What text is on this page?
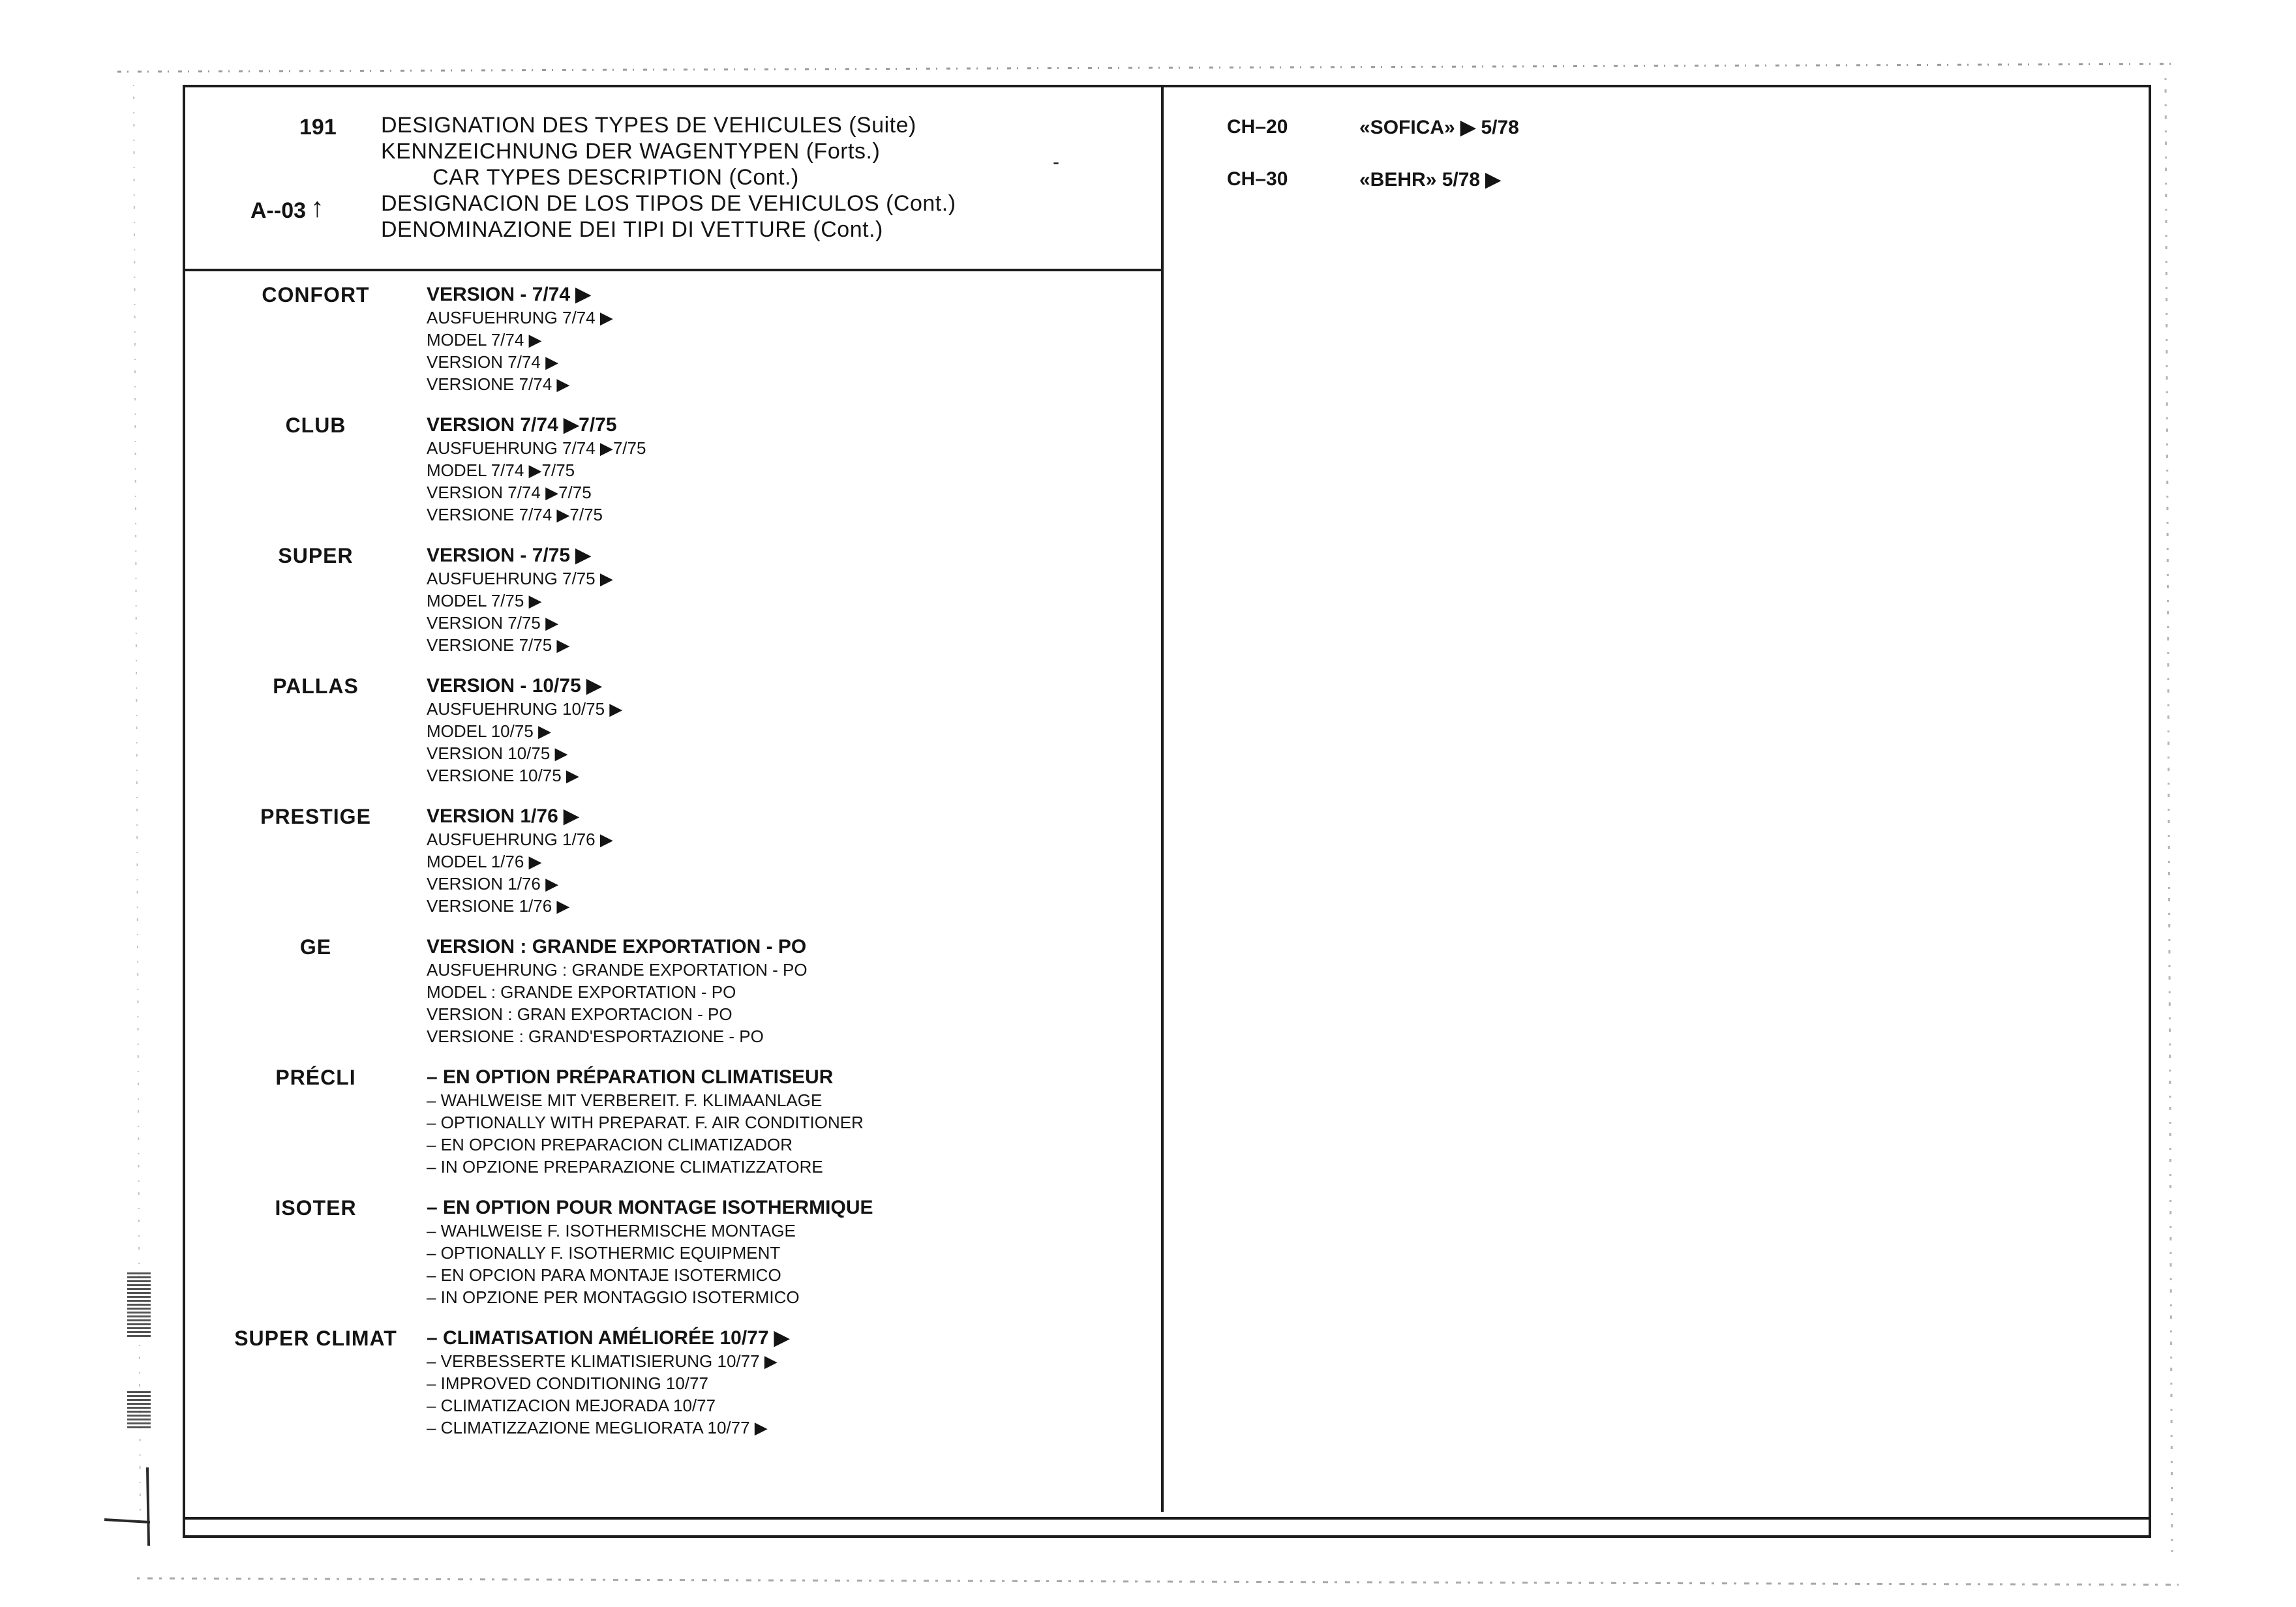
191
A--03 ↑
DESIGNATION DES TYPES DE VEHICULES (Suite)
KENNZEICHNUNG DER WAGENTYPEN (Forts.)
CAR TYPES DESCRIPTION (Cont.)
DESIGNACION DE LOS TIPOS DE VEHICULOS (Cont.)
DENOMINAZIONE DEI TIPI DI VETTURE (Cont.)
-
CONFORT	VERSION - 7/74 ▶
AUSFUEHRUNG 7/74 ▶
MODEL 7/74 ▶
VERSION 7/74 ▶
VERSIONE 7/74 ▶
CLUB	VERSION 7/74 ▶7/75
AUSFUEHRUNG 7/74 ▶7/75
MODEL 7/74 ▶7/75
VERSION 7/74 ▶7/75
VERSIONE 7/74 ▶7/75
SUPER	VERSION - 7/75 ▶
AUSFUEHRUNG 7/75 ▶
MODEL 7/75 ▶
VERSION 7/75 ▶
VERSIONE 7/75 ▶
PALLAS	VERSION - 10/75 ▶
AUSFUEHRUNG 10/75 ▶
MODEL 10/75 ▶
VERSION 10/75 ▶
VERSIONE 10/75 ▶
PRESTIGE	VERSION 1/76 ▶
AUSFUEHRUNG 1/76 ▶
MODEL 1/76 ▶
VERSION 1/76 ▶
VERSIONE 1/76 ▶
GE	VERSION : GRANDE EXPORTATION - PO
AUSFUEHRUNG : GRANDE EXPORTATION - PO
MODEL : GRANDE EXPORTATION - PO
VERSION : GRAN EXPORTACION - PO
VERSIONE : GRAND'ESPORTAZIONE - PO
PRÉCLI	– EN OPTION PRÉPARATION CLIMATISEUR
– WAHLWEISE MIT VERBEREIT. F. KLIMAANLAGE
– OPTIONALLY WITH PREPARAT. F. AIR CONDITIONER
– EN OPCION PREPARACION CLIMATIZADOR
– IN OPZIONE PREPARAZIONE CLIMATIZZATORE
ISOTER	– EN OPTION POUR MONTAGE ISOTHERMIQUE
– WAHLWEISE F. ISOTHERMISCHE MONTAGE
– OPTIONALLY F. ISOTHERMIC EQUIPMENT
– EN OPCION PARA MONTAJE ISOTERMICO
– IN OPZIONE PER MONTAGGIO ISOTERMICO
SUPER CLIMAT	– CLIMATISATION AMÉLIORÉE 10/77 ▶
– VERBESSERTE KLIMATISIERUNG 10/77 ▶
– IMPROVED CONDITIONING 10/77
– CLIMATIZACION MEJORADA 10/77
– CLIMATIZZAZIONE MEGLIORATA 10/77 ▶
CH–20	«SOFICA» ▶ 5/78
CH–30	«BEHR» 5/78 ▶
